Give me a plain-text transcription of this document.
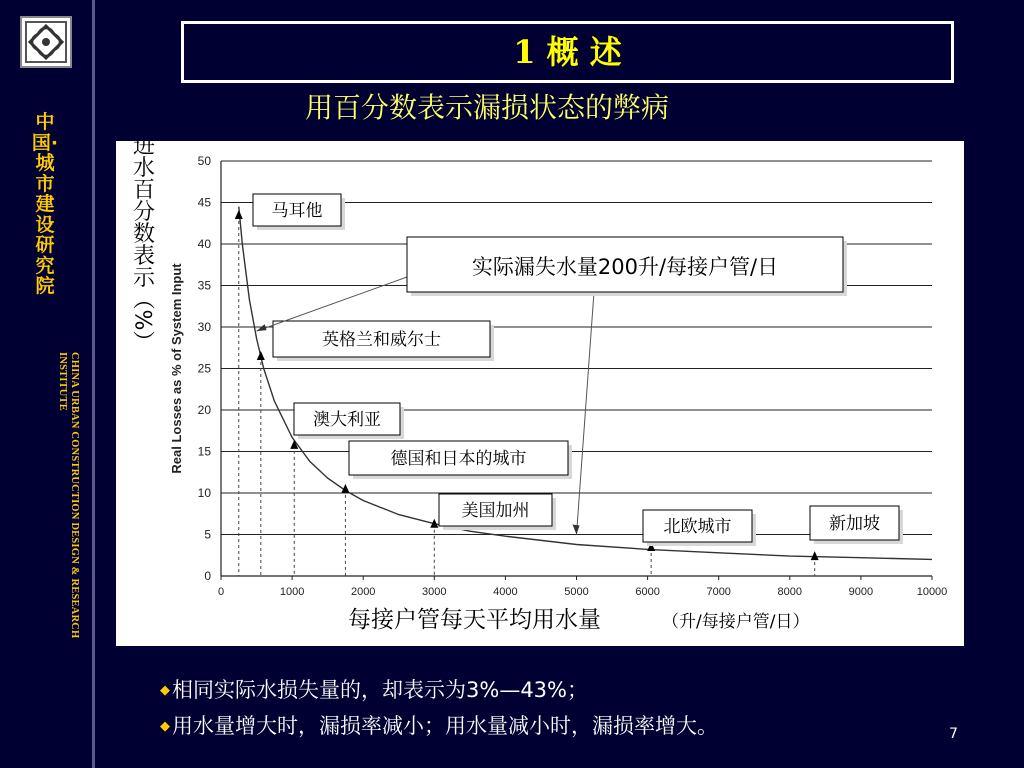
中国·城市建设研究院
CHINA URBAN CONSTRUCTION DESIGN & RESEARCH
INSTITUTE
1 概 述
用百分数表示漏损状态的弊病
0
5
10
15
20
25
30
35
40
45
50
0	1000	2000	3000	4000	5000	6000	7000	8000	9000	10000
Real Losses as % of System Input
漏损率以进水百分数表示（%）
每接户管每天平均用水量	（升/每接户管/日）
马耳他
英格兰和威尔士
澳大利亚
德国和日本的城市
美国加州
北欧城市	新加坡
实际漏失水量200升/每接户管/日
◆相同实际水损失量的，却表示为3%—43%；
◆用水量增大时，漏损率减小；用水量减小时，漏损率增大。	7
